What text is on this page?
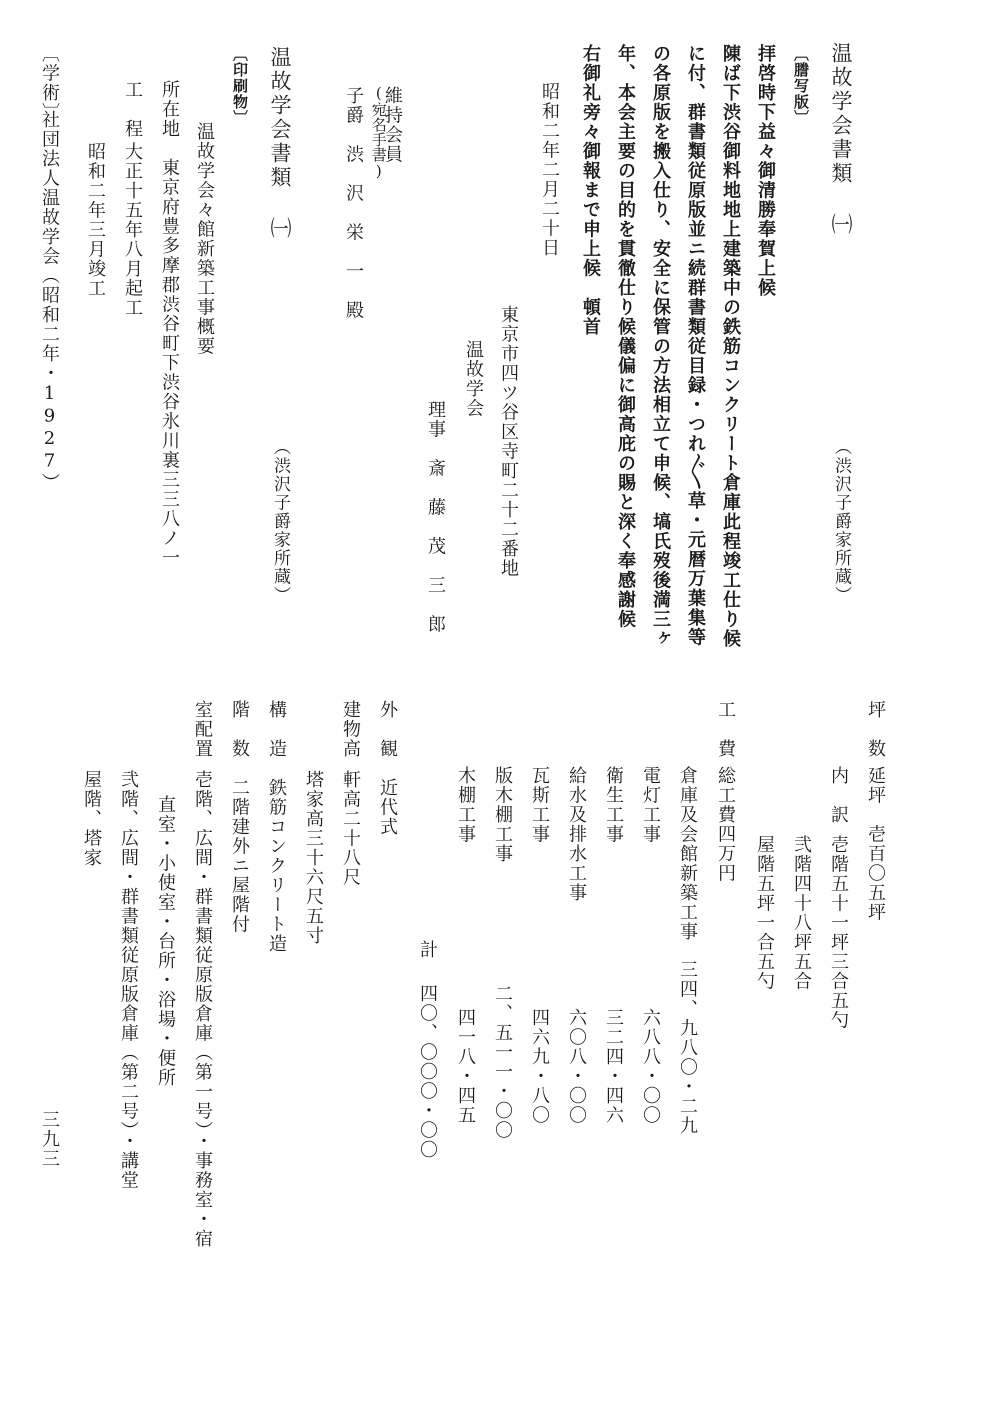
温故学会書類 ㈠
（渋沢子爵家所蔵）
〔謄写版〕
拝啓時下益々御清勝奉賀上候
陳ば下渋谷御料地地上建築中の鉄筋コンクリート倉庫此程竣工仕り候
に付、群書類従原版並ニ続群書類従目録・つれ〴〵草・元暦万葉集等
の各原版を搬入仕り、安全に保管の方法相立て申候、塙氏歿後満三ヶ
年、本会主要の目的を貫徹仕り候儀偏に御高庇の賜と深く奉感謝候
右御礼旁々御報まで申上候　頓首
昭和二年二月二十日
東京市四ツ谷区寺町二十二番地
温故学会
理事　斎　藤　茂　三　郎
維持会員
(宛名手書)
子爵　渋　沢　栄　一　殿
温故学会書類 ㈠
（渋沢子爵家所蔵）
〔印刷物〕
温故学会々館新築工事概要
所在地　東京府豊多摩郡渋谷町下渋谷氷川裏三三八ノ一
工　程
大正十五年八月起工
昭和二年三月竣工
〔学術〕
社団法人温故学会（昭和二年・1927）
坪　数
延坪　壱百〇五坪
内　訳
壱階五十一坪三合五勺
弐階四十八坪五合
屋階五坪一合五勺
工　費
総工費四万円
倉庫及会館新築工事
三四、九八〇・二九
電灯工事
六八八・〇〇
衛生工事
三二四・四六
給水及排水工事
六〇八・〇〇
瓦斯工事
四六九・八〇
版木棚工事
二、五一一・〇〇
木棚工事
四一八・四五
計
四〇、〇〇〇・〇〇
外　観　近代式
建物高
軒高二十八尺
塔家高三十六尺五寸
構　造　鉄筋コンクリート造
階　数　二階建外ニ屋階付
室配置
壱階、広間・群書類従原版倉庫（第一号）・事務室・宿
直室・小使室・台所・浴場・便所
弐階、広間・群書類従原版倉庫（第二号）・講堂
屋階、塔家
三九三
